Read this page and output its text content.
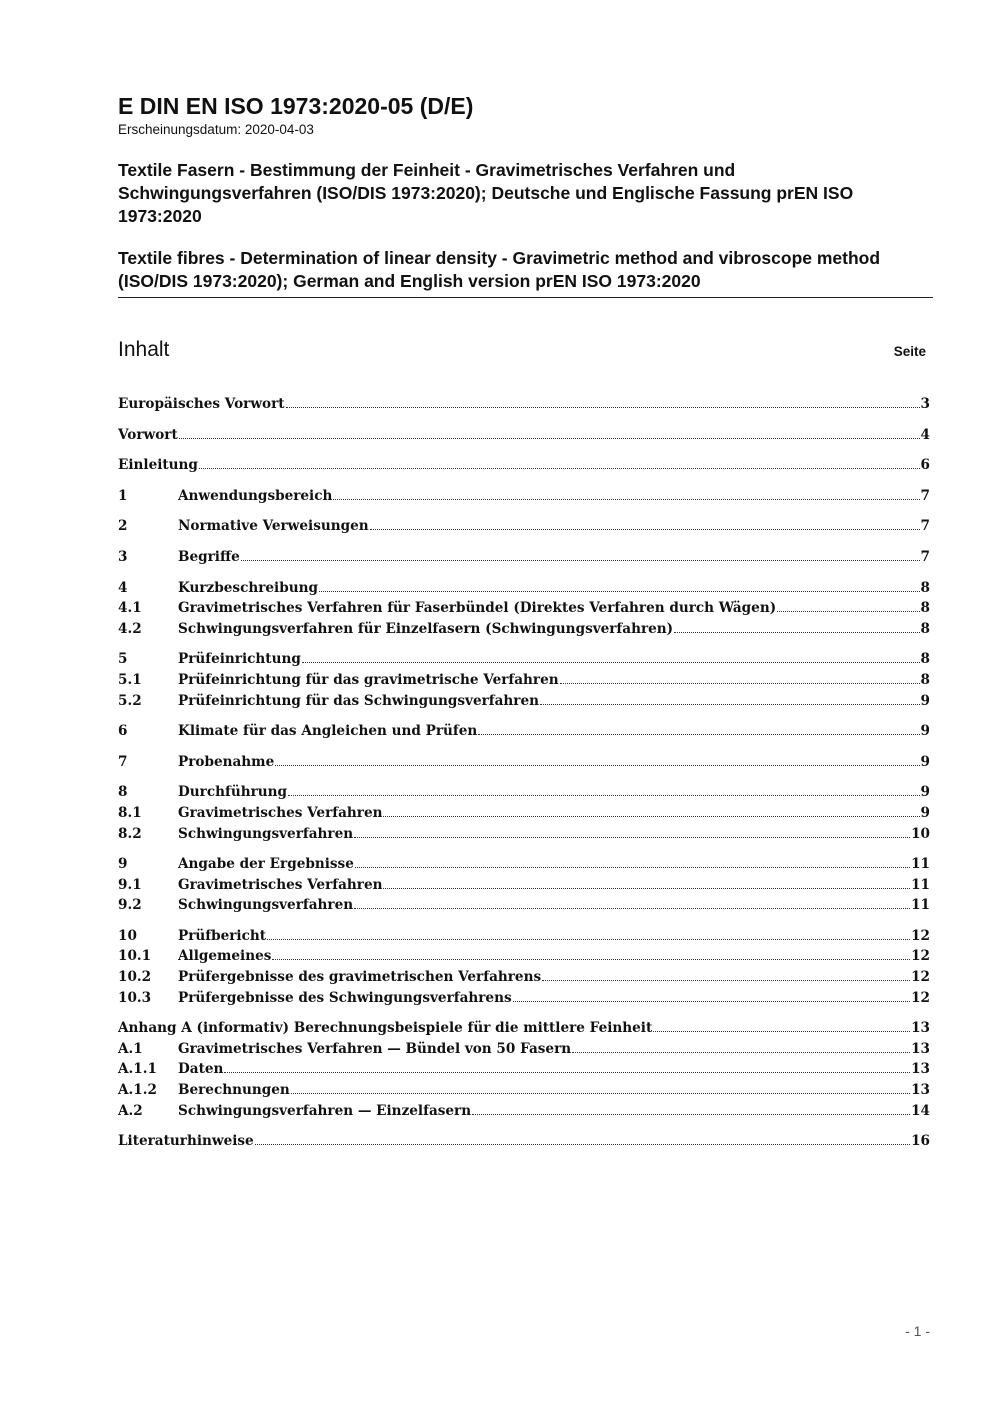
E DIN EN ISO 1973:2020-05 (D/E)

Erscheinungsdatum: 2020-04-03

Textile Fasern - Bestimmung der Feinheit - Gravimetrisches Verfahren und Schwingungsverfahren (ISO/DIS 1973:2020); Deutsche und Englische Fassung prEN ISO 1973:2020

Textile fibres - Determination of linear density - Gravimetric method and vibroscope method (ISO/DIS 1973:2020); German and English version prEN ISO 1973:2020

Inhalt	Seite
Europäisches Vorwort	3
Vorwort	4
Einleitung	6
1	Anwendungsbereich	7
2	Normative Verweisungen	7
3	Begriffe	7
4	Kurzbeschreibung	8
4.1	Gravimetrisches Verfahren für Faserbündel (Direktes Verfahren durch Wägen)	8
4.2	Schwingungsverfahren für Einzelfasern (Schwingungsverfahren)	8
5	Prüfeinrichtung	8
5.1	Prüfeinrichtung für das gravimetrische Verfahren	8
5.2	Prüfeinrichtung für das Schwingungsverfahren	9
6	Klimate für das Angleichen und Prüfen	9
7	Probenahme	9
8	Durchführung	9
8.1	Gravimetrisches Verfahren	9
8.2	Schwingungsverfahren	10
9	Angabe der Ergebnisse	11
9.1	Gravimetrisches Verfahren	11
9.2	Schwingungsverfahren	11
10	Prüfbericht	12
10.1	Allgemeines	12
10.2	Prüfergebnisse des gravimetrischen Verfahrens	12
10.3	Prüfergebnisse des Schwingungsverfahrens	12
Anhang A (informativ) Berechnungsbeispiele für die mittlere Feinheit	13
A.1	Gravimetrisches Verfahren — Bündel von 50 Fasern	13
A.1.1	Daten	13
A.1.2	Berechnungen	13
A.2	Schwingungsverfahren — Einzelfasern	14
Literaturhinweise	16
- 1 -
